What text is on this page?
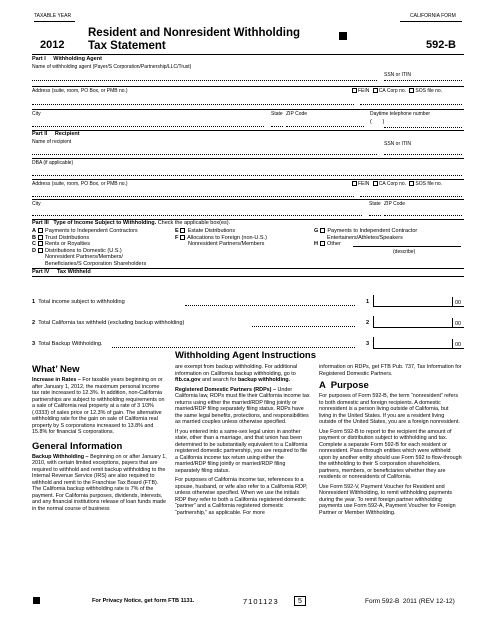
TAXABLE YEAR
2012
Resident and Nonresident Withholding
Tax Statement
CALIFORNIA FORM
592-B
Part I Withholding Agent
Name of withholding agent (Payer/S Corporation/Partnership/LLC/Trust)
SSN or ITIN
Address (suite, room, PO Box, or PMB no.)	FEIN CA Corp no. SOS file no.
City	State ZIP Code	Daytime telephone number
(       )
Part II Recipient
Name of recipient	SSN or ITIN
DBA (if applicable)
Address (suite, room, PO Box, or PMB no.)	FEIN CA Corp no. SOS file no.
City	State ZIP Code
Part III Type of Income Subject to Withholding. Check the applicable box(es).
A Payments to Independent Contractors
B Trust Distributions
C Rents or Royalties
D Distributions to Domestic (U.S.)
Nonresident Partners/Members/
Beneficiaries/S Corporation Shareholders
E Estate Distributions
F Allocations to Foreign (non-U.S.)
Nonresident Partners/Members
G Payments to Independent Contractor
Entertainers/Athletes/Speakers
H Other
(describe)
Part IV Tax Withheld
1 Total income subject to withholding	1	00
2 Total California tax withheld (excluding backup withholding)	2	00
3 Total Backup Withholding.	3	00
Withholding Agent Instructions
What’ New

Increase in Rates – For taxable years beginning on or after January 1, 2012, the maximum personal income tax rate increased to 12.3%. In addition, non-California partnerships are subject to withholding requirements on a sale of California real property at a rate of 3 1/3% (.0333) of sales price or 12.3% of gain. The alternative withholding rate for the gain on sale of California real property by S corporations increased to 13.8% and 15.8% for financial S corporations.

General Information

Backup Withholding – Beginning on or after January 1, 2010, with certain limited exceptions, payers that are required to withhold and remit backup withholding to the Internal Revenue Service (IRS) are also required to withhold and remit to the Franchise Tax Board (FTB). The California backup withholding rate is 7% of the payment. For California purposes, dividends, interests, and any financial institutions release of loan funds made in the normal course of business

are exempt from backup withholding. For additional information on California backup withholding, go to ftb.ca.gov and search for backup withholding.

Registered Domestic Partners (RDPs) – Under California law, RDPs must file their California income tax returns using either the married/RDP filing jointly or married/RDP filing separately filing status. RDPs have the same legal benefits, protections, and responsibilities as married couples unless otherwise specified.

If you entered into a same-sex legal union in another state, other than a marriage, and that union has been determined to be substantially equivalent to a California registered domestic partnership, you are required to file a California income tax return using either the married/RDP filing jointly or married/RDP filing separately filing status.

For purposes of California income tax, references to a spouse, husband, or wife also refer to a California RDP, unless otherwise specified. When we use the initials RDP they refer to both a California registered domestic “partner” and a California registered domestic “partnership,” as applicable. For more

information on RDPs, get FTB Pub. 737, Tax Information for Registered Domestic Partners.

A  Purpose

For purposes of Form 592-B, the term “nonresident” refers to both domestic and foreign recipients. A domestic nonresident is a person living outside of California, but living in the United States. If you are a resident living outside of the United States, you are a foreign nonresident.

Use Form 592-B to report to the recipient the amount of payment or distribution subject to withholding and tax. Complete a separate Form 592-B for each resident or nonresident. Pass-through entities which were withheld upon by another entity should use Form 592 to flow-through the withholding to their S corporation shareholders, partners, members, or beneficiaries whether they are residents or nonresidents of California.

Use Form 592-V, Payment Voucher for Resident and Nonresident Withholding, to remit withholding payments during the year. To remit foreign partner withholding payments use Form 592-A, Payment Voucher for Foreign Partner or Member Withholding.

For Privacy Notice, get form FTB 1131.	7101123	5	Form 592-B  2011 (REV 12-12)
